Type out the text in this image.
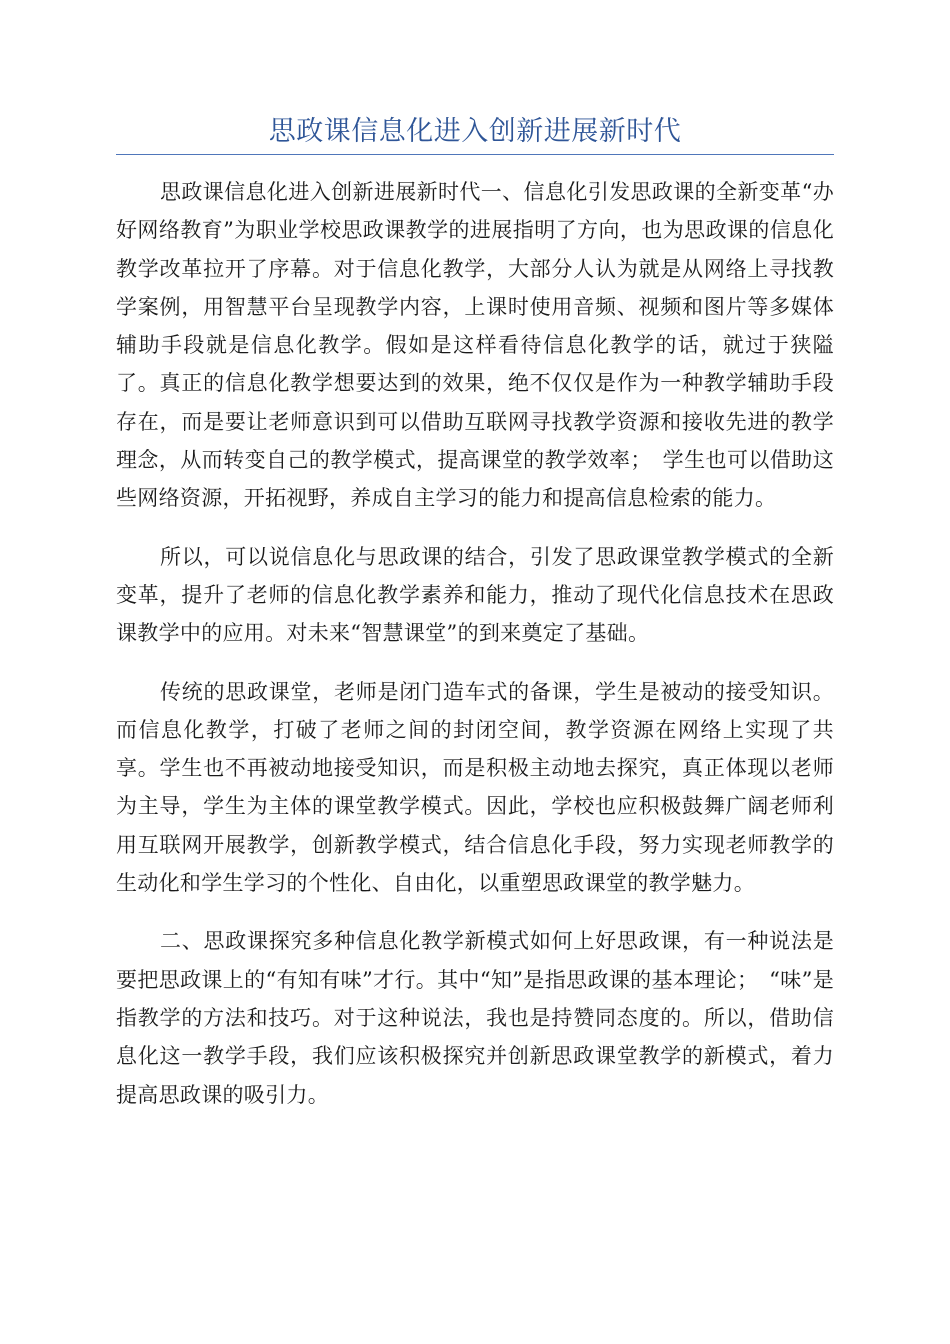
思政课信息化进入创新进展新时代

思政课信息化进入创新进展新时代一、信息化引发思政课的全新变革“办好网络教育”为职业学校思政课教学的进展指明了方向，也为思政课的信息化教学改革拉开了序幕。对于信息化教学，大部分人认为就是从网络上寻找教学案例，用智慧平台呈现教学内容，上课时使用音频、视频和图片等多媒体辅助手段就是信息化教学。假如是这样看待信息化教学的话，就过于狭隘了。真正的信息化教学想要达到的效果，绝不仅仅是作为一种教学辅助手段存在，而是要让老师意识到可以借助互联网寻找教学资源和接收先进的教学理念，从而转变自己的教学模式，提高课堂的教学效率；　学生也可以借助这些网络资源，开拓视野，养成自主学习的能力和提高信息检索的能力。

所以，可以说信息化与思政课的结合，引发了思政课堂教学模式的全新变革，提升了老师的信息化教学素养和能力，推动了现代化信息技术在思政课教学中的应用。对未来“智慧课堂”的到来奠定了基础。

传统的思政课堂，老师是闭门造车式的备课，学生是被动的接受知识。而信息化教学，打破了老师之间的封闭空间，教学资源在网络上实现了共享。学生也不再被动地接受知识，而是积极主动地去探究，真正体现以老师为主导，学生为主体的课堂教学模式。因此，学校也应积极鼓舞广阔老师利用互联网开展教学，创新教学模式，结合信息化手段，努力实现老师教学的生动化和学生学习的个性化、自由化，以重塑思政课堂的教学魅力。

二、思政课探究多种信息化教学新模式如何上好思政课，有一种说法是要把思政课上的“有知有味”才行。其中“知”是指思政课的基本理论；　“味”是指教学的方法和技巧。对于这种说法，我也是持赞同态度的。所以，借助信息化这一教学手段，我们应该积极探究并创新思政课堂教学的新模式，着力提高思政课的吸引力。
